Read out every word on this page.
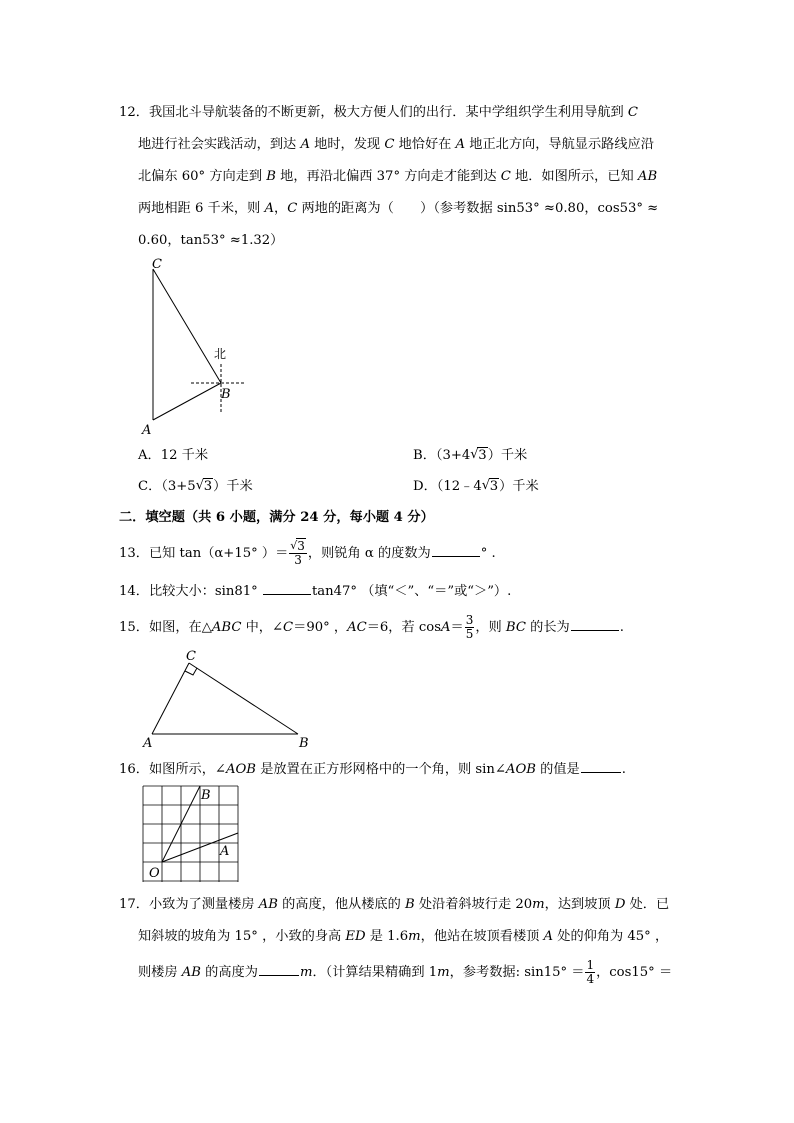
12．我国北斗导航装备的不断更新，极大方便人们的出行．某中学组织学生利用导航到 C
地进行社会实践活动，到达 A 地时，发现 C 地恰好在 A 地正北方向，导航显示路线应沿
北偏东 60° 方向走到 B 地，再沿北偏西 37° 方向走才能到达 C 地．如图所示，已知 AB
两地相距 6 千米，则 A，C 两地的距离为（　　）（参考数据 sin53° ≈0.80，cos53° ≈
0.60，tan53° ≈1.32）
C
A
B
北
A．12 千米	B．（3+4 √ 3）千米
C．（3+5 √ 3）千米	D．（12﹣4 √ 3）千米
二．填空题（共 6 小题，满分 24 分，每小题 4 分）
13．已知 tan（α+15° ）＝ $\frac{√ 3}{3}$ ，则锐角 α 的度数为	° .
14．比较大小：sin81°	tan47° （填“＜”、“＝”或“＞”）.
15．如图，在△ABC 中，∠C＝90° ，AC＝6，若 $\cos A= \frac{3}{5}$ ，则 BC 的长为	.
C
A	B
16．如图所示，∠AOB 是放置在正方形网格中的一个角，则 sin∠AOB 的值是	.
B
A
O
17．小致为了测量楼房 AB 的高度，他从楼底的 B 处沿着斜坡行走 20m，达到坡顶 D 处．已
知斜坡的坡角为 15° ，小致的身高 ED 是 1.6m，他站在坡顶看楼顶 A 处的仰角为 45° ，
则楼房 AB 的高度为	m．（计算结果精确到 1m，参考数据: $\sin 15^\circ = \frac{1}{4}$ ，cos15° ＝
